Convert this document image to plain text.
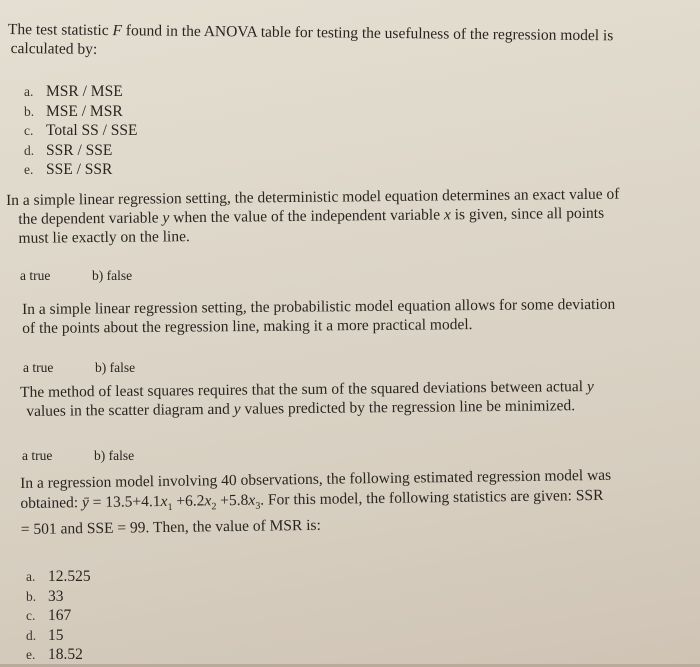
The test statistic F found in the ANOVA table for testing the usefulness of the regression model is
calculated by:

a. MSR / MSE
b. MSE / MSR
c. Total SS / SSE
d. SSR / SSE
e. SSE / SSR

In a simple linear regression setting, the deterministic model equation determines an exact value of
the dependent variable y when the value of the independent variable x is given, since all points
must lie exactly on the line.

a true	b) false

In a simple linear regression setting, the probabilistic model equation allows for some deviation
of the points about the regression line, making it a more practical model.

a true	b) false

The method of least squares requires that the sum of the squared deviations between actual y
values in the scatter diagram and y values predicted by the regression line be minimized.

a true	b) false

In a regression model involving 40 observations, the following estimated regression model was
obtained: ȳ = $13.5+4.1x_1 +6.2x_2 +5.8x_3$. For this model, the following statistics are given: SSR
= 501 and SSE = 99. Then, the value of MSR is:

a. 12.525
b. 33
c. 167
d. 15
e. 18.52
